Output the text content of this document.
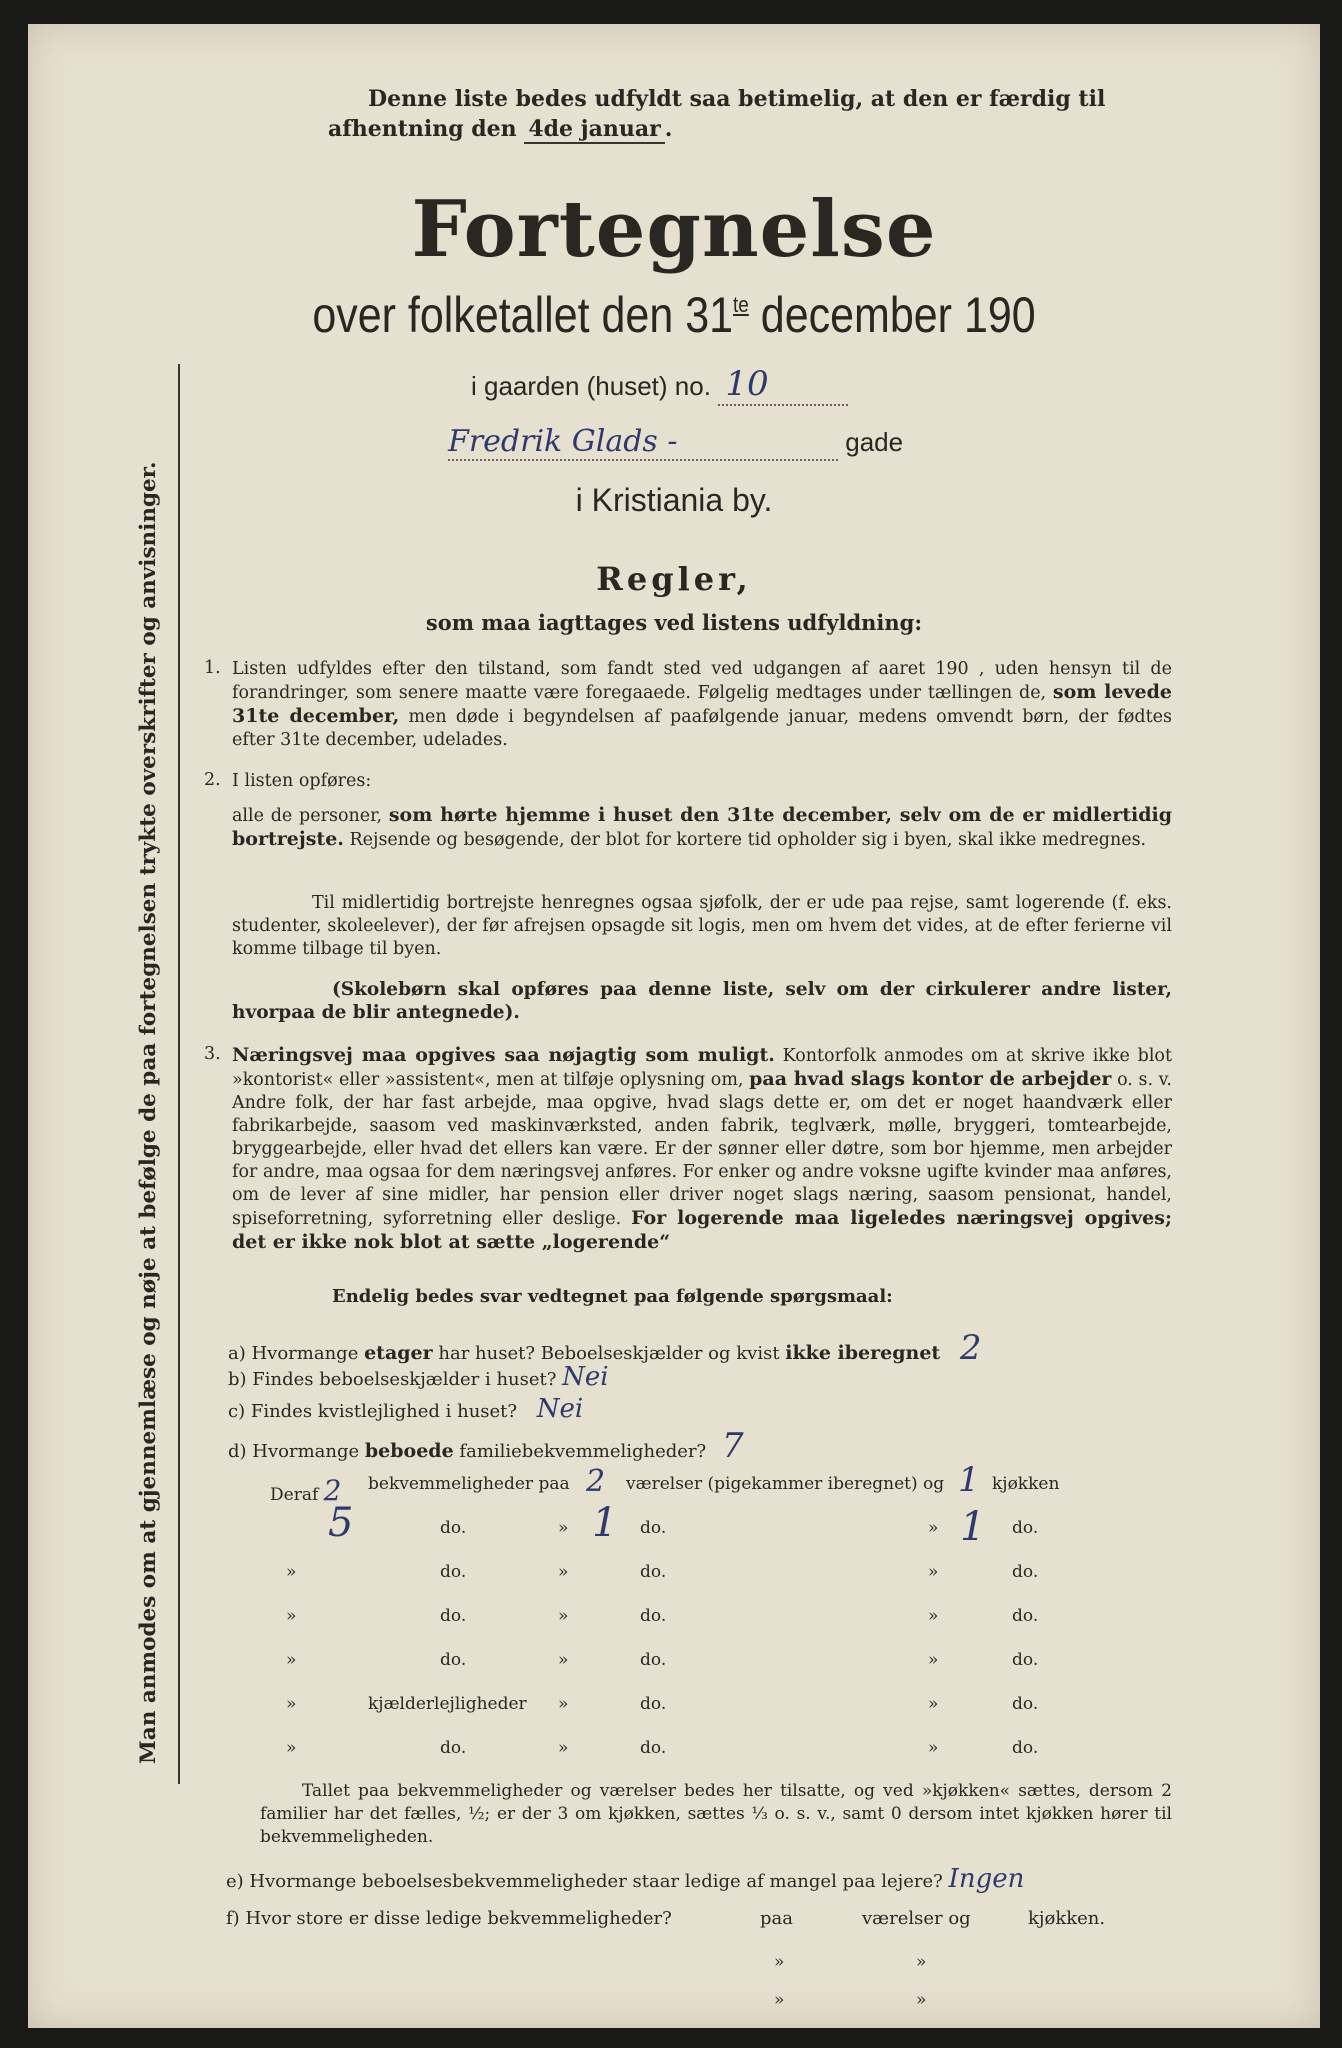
Man anmodes om at gjennemlæse og nøje at befølge de paa fortegnelsen trykte overskrifter og anvisninger.
Denne liste bedes udfyldt saa betimelig, at den er færdig til
afhentning den 4de januar .
Fortegnelse
over folketallet den $31^{te}$ december 190
i gaarden (huset) no. 10
Fredrik Glads -	gade
i Kristiania by.
Regler,
som maa iagttages ved listens udfyldning:
1. Listen udfyldes efter den tilstand, som fandt sted ved udgangen af aaret 190 , uden hensyn til de forandringer, som senere maatte være foregaaede. Følgelig medtages under tællingen de, som levede 31te december, men døde i begyndelsen af paafølgende januar, medens omvendt børn, der fødtes efter 31te december, udelades.
2. I listen opføres:
alle de personer, som hørte hjemme i huset den 31te december, selv om de er midlertidig bortrejste. Rejsende og besøgende, der blot for kortere tid opholder sig i byen, skal ikke medregnes.
Til midlertidig bortrejste henregnes ogsaa sjøfolk, der er ude paa rejse, samt logerende (f. eks. studenter, skoleelever), der før afrejsen opsagde sit logis, men om hvem det vides, at de efter ferierne vil komme tilbage til byen.
(Skolebørn skal opføres paa denne liste, selv om der cirkulerer andre lister, hvorpaa de blir antegnede).
3. Næringsvej maa opgives saa nøjagtig som muligt. Kontorfolk anmodes om at skrive ikke blot »kontorist« eller »assistent«, men at tilføje oplysning om, paa hvad slags kontor de arbejder o. s. v. Andre folk, der har fast arbejde, maa opgive, hvad slags dette er, om det er noget haandværk eller fabrikarbejde, saasom ved maskinværksted, anden fabrik, teglværk, mølle, bryggeri, tomtearbejde, bryggearbejde, eller hvad det ellers kan være. Er der sønner eller døtre, som bor hjemme, men arbejder for andre, maa ogsaa for dem næringsvej anføres. For enker og andre voksne ugifte kvinder maa anføres, om de lever af sine midler, har pension eller driver noget slags næring, saasom pensionat, handel, spiseforretning, syforretning eller deslige. For logerende maa ligeledes næringsvej opgives; det er ikke nok blot at sætte „logerende“
Endelig bedes svar vedtegnet paa følgende spørgsmaal:
a) Hvormange etager har huset? Beboelseskjælder og kvist ikke iberegnet 2
b) Findes beboelseskjælder i huset? Nei
c) Findes kvistlejlighed i huset? Nei
d) Hvormange beboede familiebekvemmeligheder? 7
Deraf 2 bekvemmeligheder paa 2 værelser (pigekammer iberegnet) og 1 kjøkken
5	do.	» 1 do.	» 1 do.
»	do.	»	do.	»	do.
»	do.	»	do.	»	do.
»	do.	»	do.	»	do.
»	kjælderlejligheder »	do.	»	do.
»	do.	»	do.	»	do.
Tallet paa bekvemmeligheder og værelser bedes her tilsatte, og ved »kjøkken« sættes, dersom 2 familier har det fælles, ½; er der 3 om kjøkken, sættes ⅓ o. s. v., samt 0 dersom intet kjøkken hører til bekvemmeligheden.
e) Hvormange beboelsesbekvemmeligheder staar ledige af mangel paa lejere? Ingen
f) Hvor store er disse ledige bekvemmeligheder?	paa	værelser og	kjøkken.
»	»
»	»
